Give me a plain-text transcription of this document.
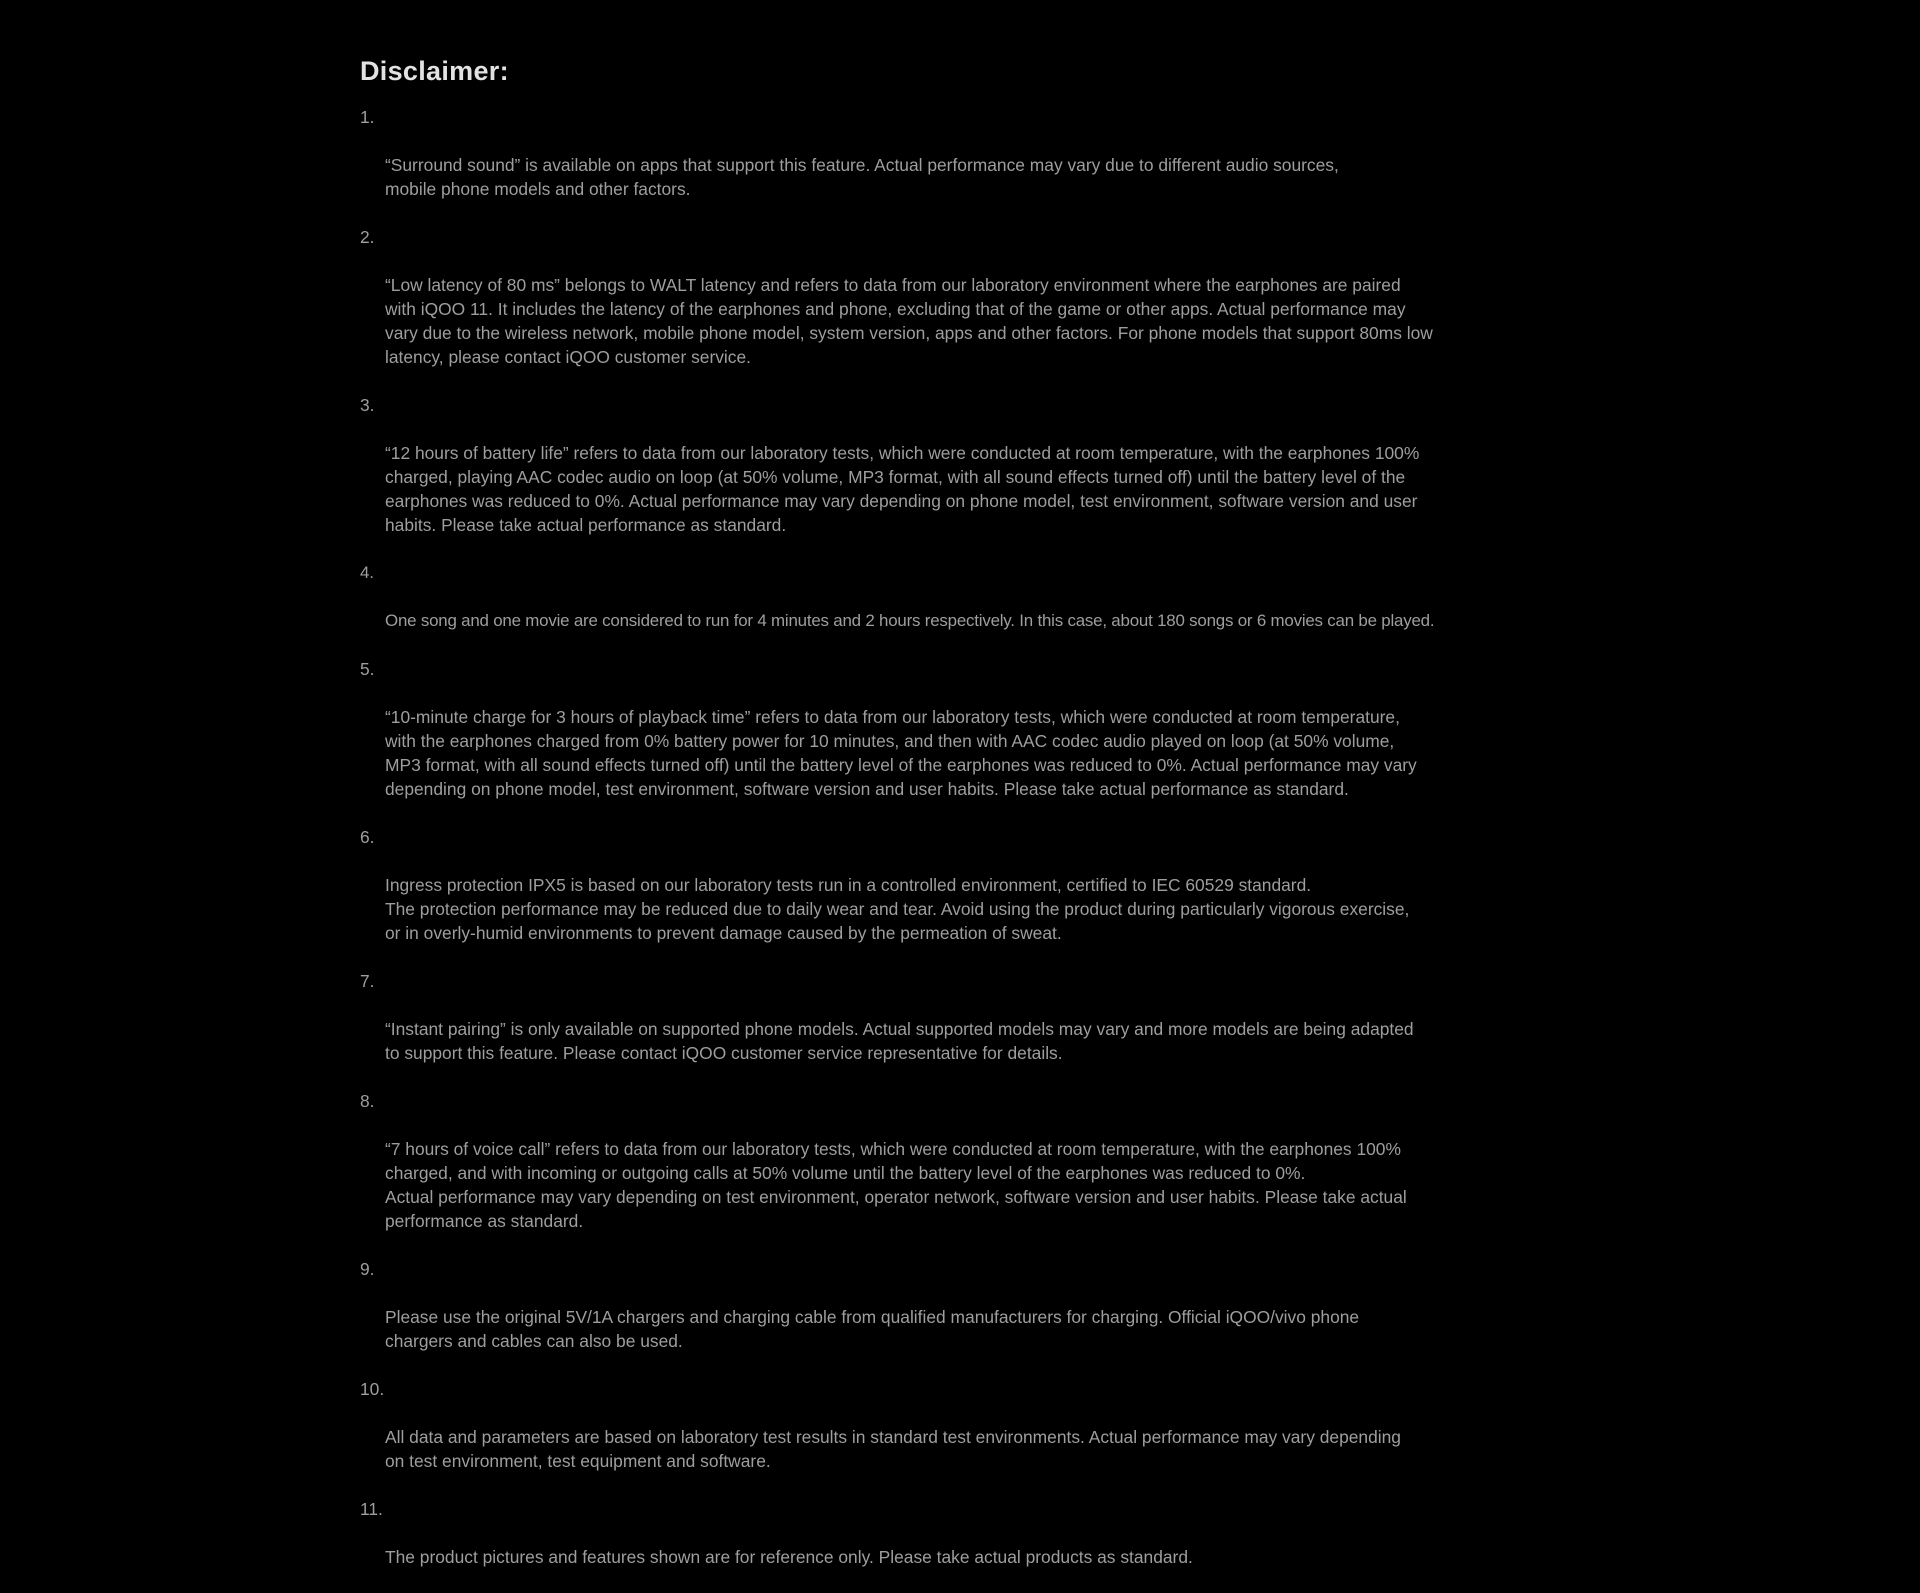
Disclaimer:

1.

“Surround sound” is available on apps that support this feature. Actual performance may vary due to different audio sources,
mobile phone models and other factors.

2.

“Low latency of 80 ms” belongs to WALT latency and refers to data from our laboratory environment where the earphones are paired
with iQOO 11. It includes the latency of the earphones and phone, excluding that of the game or other apps. Actual performance may
vary due to the wireless network, mobile phone model, system version, apps and other factors. For phone models that support 80ms low
latency, please contact iQOO customer service.

3.

“12 hours of battery life” refers to data from our laboratory tests, which were conducted at room temperature, with the earphones 100%
charged, playing AAC codec audio on loop (at 50% volume, MP3 format, with all sound effects turned off) until the battery level of the
earphones was reduced to 0%. Actual performance may vary depending on phone model, test environment, software version and user
habits. Please take actual performance as standard.

4.

One song and one movie are considered to run for 4 minutes and 2 hours respectively. In this case, about 180 songs or 6 movies can be played.

5.

“10-minute charge for 3 hours of playback time” refers to data from our laboratory tests, which were conducted at room temperature,
with the earphones charged from 0% battery power for 10 minutes, and then with AAC codec audio played on loop (at 50% volume,
MP3 format, with all sound effects turned off) until the battery level of the earphones was reduced to 0%. Actual performance may vary
depending on phone model, test environment, software version and user habits. Please take actual performance as standard.

6.

Ingress protection IPX5 is based on our laboratory tests run in a controlled environment, certified to IEC 60529 standard.
The protection performance may be reduced due to daily wear and tear. Avoid using the product during particularly vigorous exercise,
or in overly-humid environments to prevent damage caused by the permeation of sweat.

7.

“Instant pairing” is only available on supported phone models. Actual supported models may vary and more models are being adapted
to support this feature. Please contact iQOO customer service representative for details.

8.

“7 hours of voice call” refers to data from our laboratory tests, which were conducted at room temperature, with the earphones 100%
charged, and with incoming or outgoing calls at 50% volume until the battery level of the earphones was reduced to 0%.
Actual performance may vary depending on test environment, operator network, software version and user habits. Please take actual
performance as standard.

9.

Please use the original 5V/1A chargers and charging cable from qualified manufacturers for charging. Official iQOO/vivo phone
chargers and cables can also be used.

10.

All data and parameters are based on laboratory test results in standard test environments. Actual performance may vary depending
on test environment, test equipment and software.

11.

The product pictures and features shown are for reference only. Please take actual products as standard.
